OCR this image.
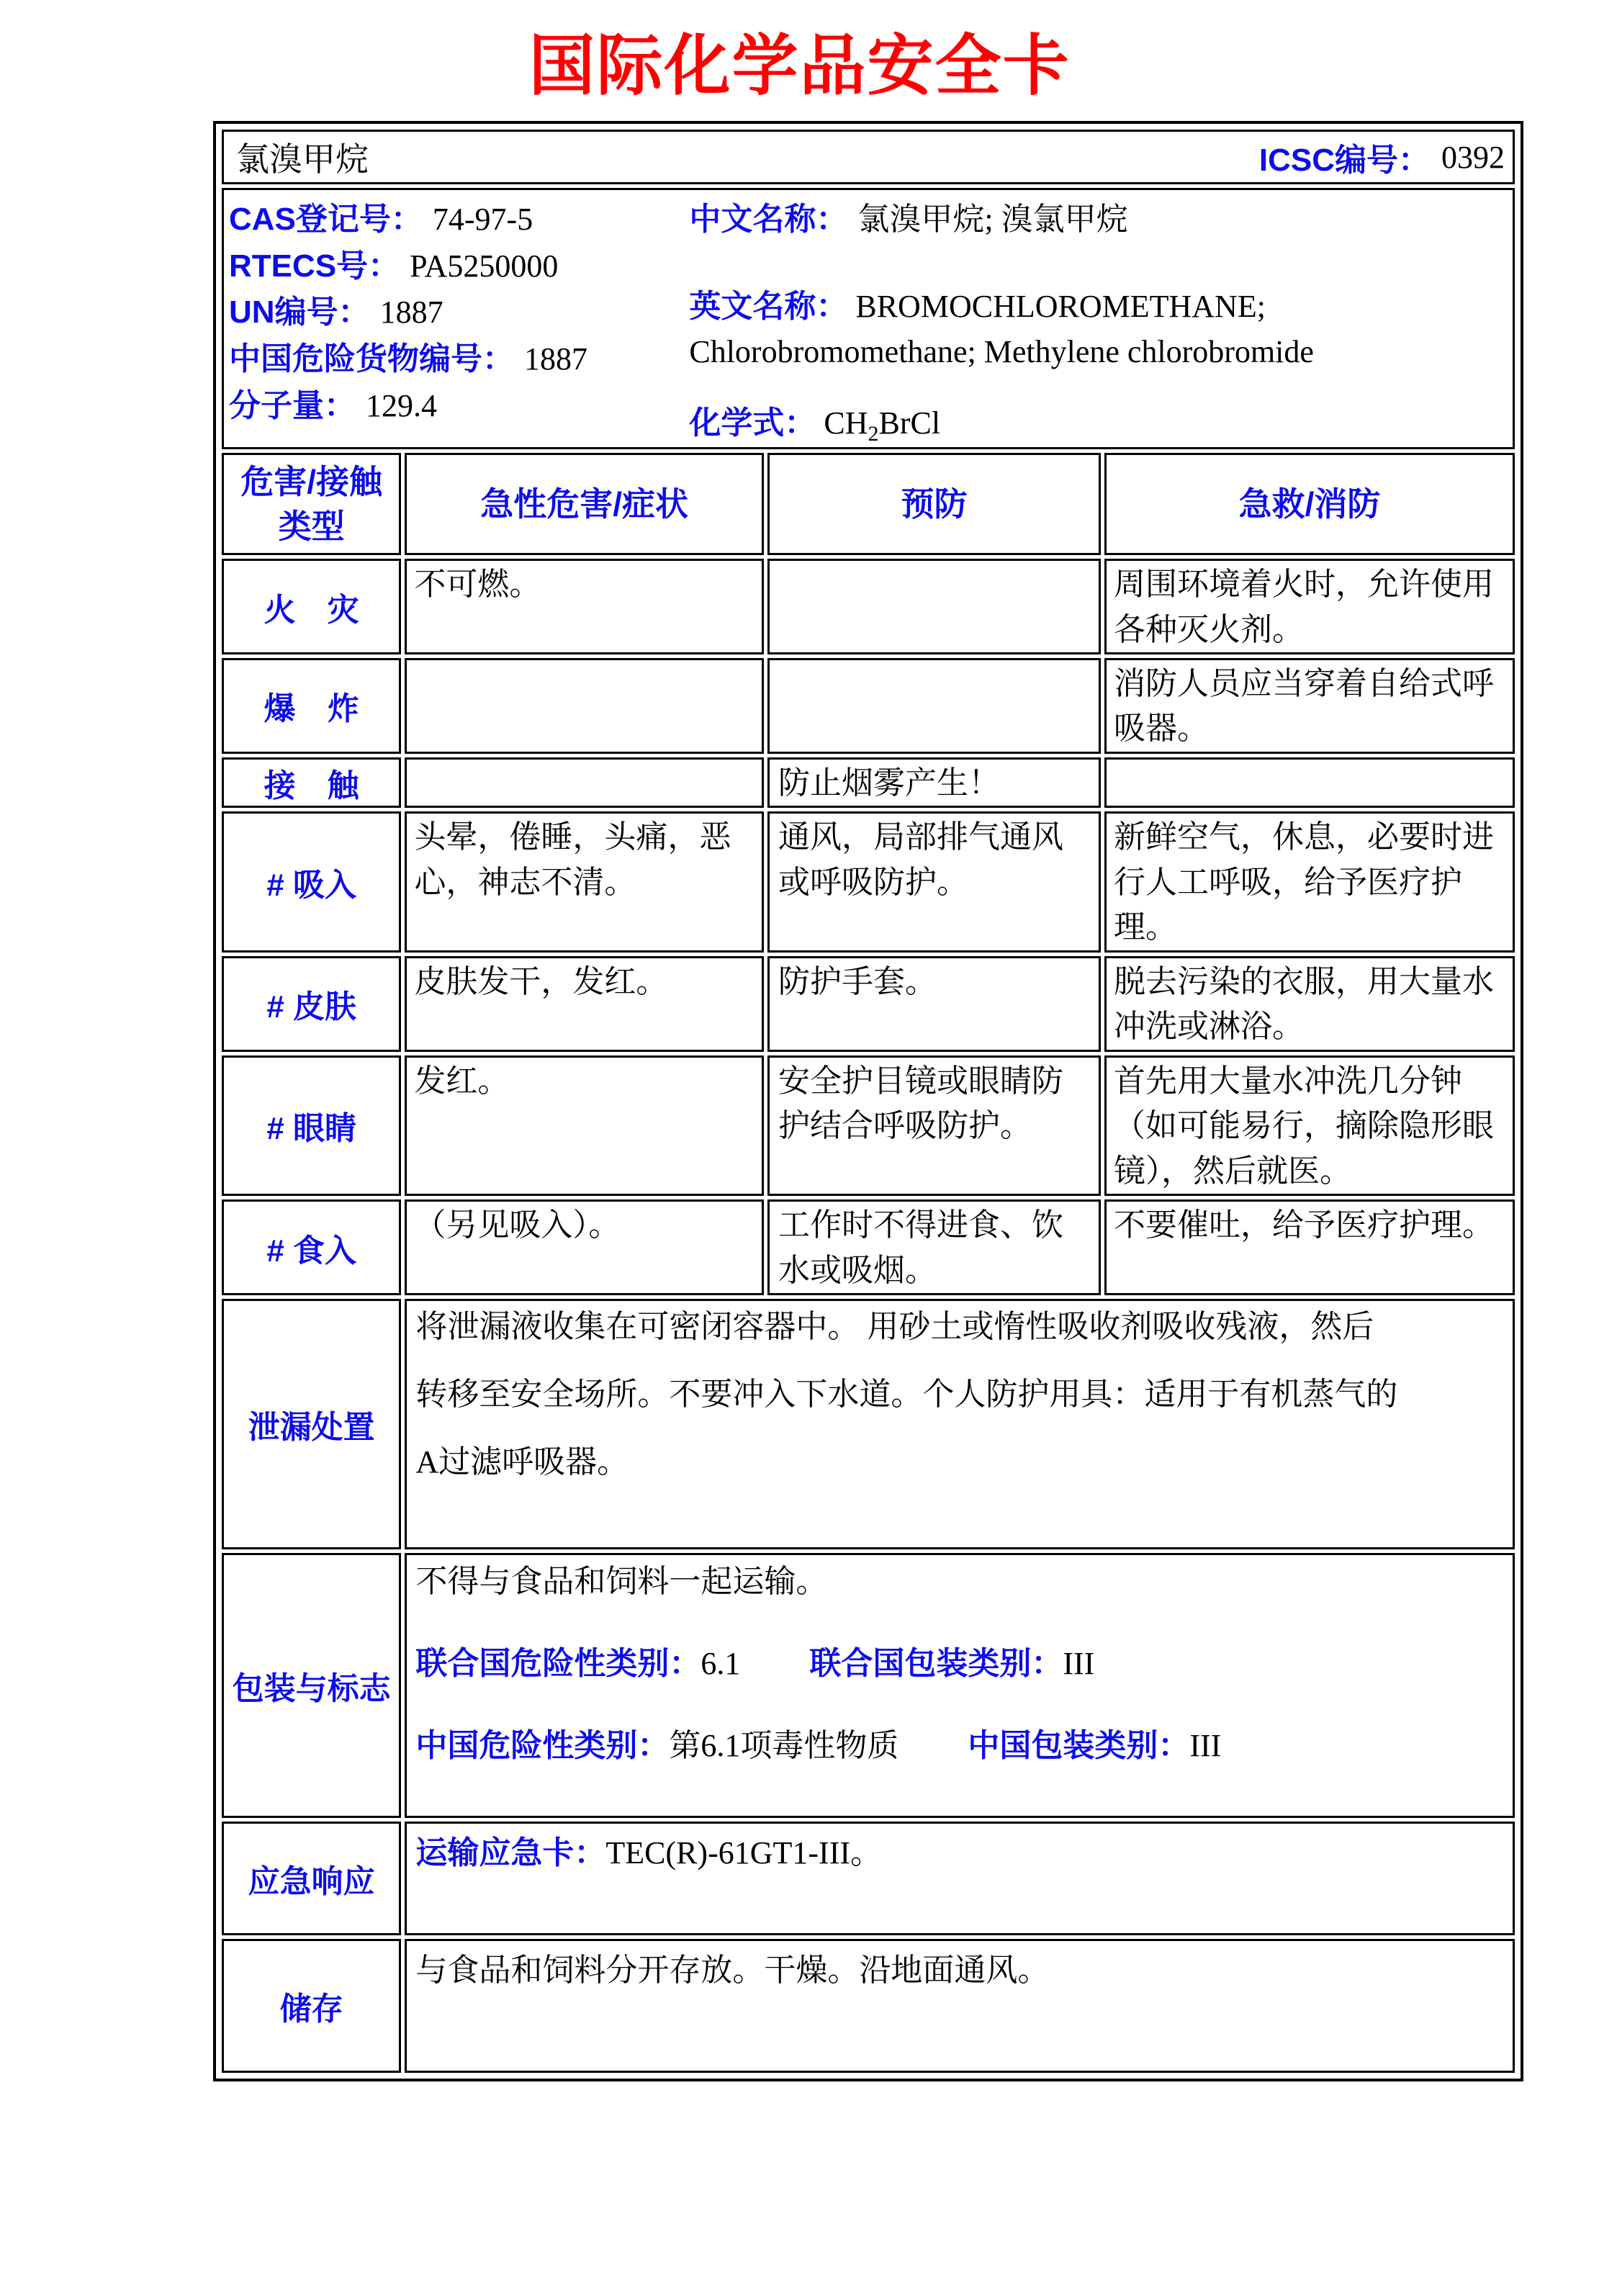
国际化学品安全卡
氯溴甲烷 ICSC编号： 0392			

CAS登记号： 74-97-5
RTECS号： PA5250000
UN编号： 1887
中国危险货物编号： 1887
分子量： 129.4
中文名称： 氯溴甲烷; 溴氯甲烷
英文名称： BROMOCHLOROMETHANE;
Chlorobromomethane; Methylene chlorobromide
化学式： $CH_2BrCl$

危害/接触类型	急性危害/症状	预防	急救/消防
火　灾	不可燃。		周围环境着火时，允许使用各种灭火剂。
爆　炸			消防人员应当穿着自给式呼吸器。
接　触		防止烟雾产生！	
# 吸入	头晕，倦睡，头痛，恶心，神志不清。	通风，局部排气通风或呼吸防护。	新鲜空气，休息，必要时进行人工呼吸，给予医疗护理。
# 皮肤	皮肤发干，发红。	防护手套。	脱去污染的衣服，用大量水冲洗或淋浴。
# 眼睛	发红。	安全护目镜或眼睛防护结合呼吸防护。	首先用大量水冲洗几分钟（如可能易行，摘除隐形眼镜），然后就医。
# 食入	（另见吸入）。	工作时不得进食、饮水或吸烟。	不要催吐，给予医疗护理。
泄漏处置	将泄漏液收集在可密闭容器中。 用砂土或惰性吸收剂吸收残液，然后
转移至安全场所。不要冲入下水道。个人防护用具：适用于有机蒸气的
A过滤呼吸器。		

包装与标志	不得与食品和饲料一起运输。
联合国危险性类别：6.1 联合国包装类别：III
中国危险性类别：第6.1项毒性物质 中国包装类别：III		

应急响应	运输应急卡：TEC(R)-61GT1-III。		

储存	与食品和饲料分开存放。干燥。沿地面通风。		
